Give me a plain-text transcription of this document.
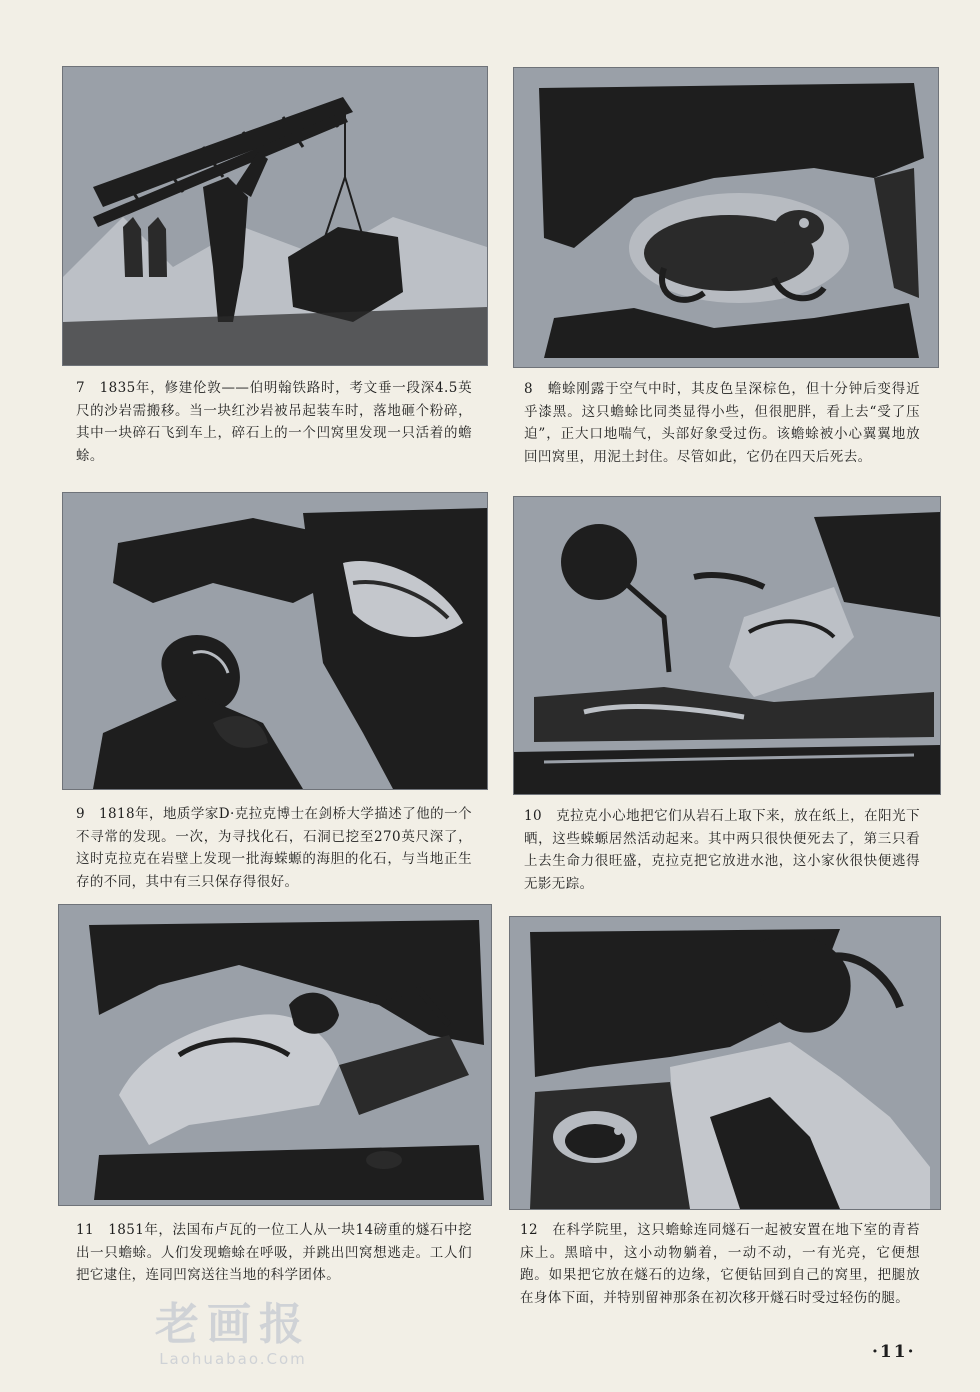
7　1835年，修建伦敦——伯明翰铁路时，考文垂一段深4.5英尺的沙岩需搬移。当一块红沙岩被吊起装车时，落地砸个粉碎，其中一块碎石飞到车上，碎石上的一个凹窝里发现一只活着的蟾蜍。
8　蟾蜍刚露于空气中时，其皮色呈深棕色，但十分钟后变得近乎漆黑。这只蟾蜍比同类显得小些，但很肥胖，看上去“受了压迫”，正大口地喘气，头部好象受过伤。该蟾蜍被小心翼翼地放回凹窝里，用泥土封住。尽管如此，它仍在四天后死去。
9　1818年，地质学家D·克拉克博士在剑桥大学描述了他的一个不寻常的发现。一次，为寻找化石，石洞已挖至270英尺深了，这时克拉克在岩壁上发现一批海蝾螈的海胆的化石，与当地正生存的不同，其中有三只保存得很好。
10　克拉克小心地把它们从岩石上取下来，放在纸上，在阳光下晒，这些蝾螈居然活动起来。其中两只很快便死去了，第三只看上去生命力很旺盛，克拉克把它放进水池，这小家伙很快便逃得无影无踪。
11　1851年，法国布卢瓦的一位工人从一块14磅重的燧石中挖出一只蟾蜍。人们发现蟾蜍在呼吸，并跳出凹窝想逃走。工人们把它逮住，连同凹窝送往当地的科学团体。
12　在科学院里，这只蟾蜍连同燧石一起被安置在地下室的青苔床上。黑暗中，这小动物躺着，一动不动，一有光亮，它便想跑。如果把它放在燧石的边缘，它便钻回到自己的窝里，把腿放在身体下面，并特别留神那条在初次移开燧石时受过轻伤的腿。
老画报
Laohuabao.Com	·11·
